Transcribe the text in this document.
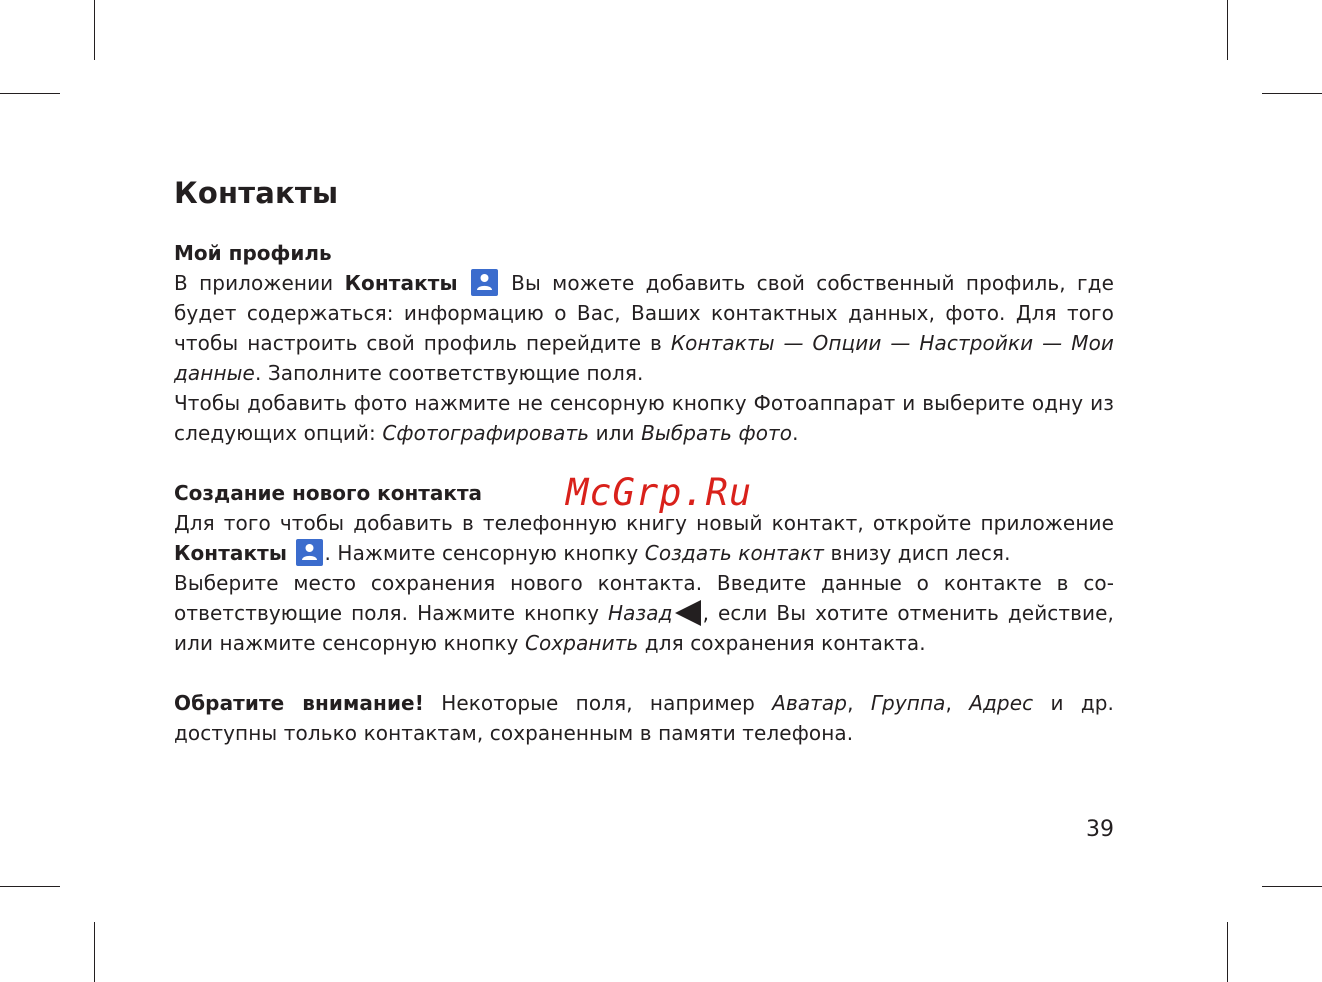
Контакты
Мой профиль

В приложении Контакты
Вы можете добавить свой собственный профиль, где будет содержаться: информацию о Вас, Ваших контактных данных, фото. Для того чтобы настроить свой профиль перейдите в Контакты — Опции — Настройки — Мои данные. Заполните соответствующие поля.

Чтобы добавить фото нажмите не сенсорную кнопку Фотоаппарат и выберите одну из следующих опций: Сфотографировать или Выбрать фото.

Создание нового контакта

Для того чтобы добавить в телефонную книгу новый контакт, откройте приложение Контакты . Нажмите сенсорную кнопку Создать контакт внизу дисп леcя.

Выберите место сохранения нового контакта. Введите данные о контакте в соответствующие поля. Нажмите кнопку Назад , если Вы хотите отменить действие, или нажмите сенсорную кнопку Сохранить для сохранения контакта.

Обратите внимание! Некоторые поля, например Аватар, Группа, Адрес и др. доступны только контактам, сохраненным в памяти телефона.

McGrp.Ru
39
